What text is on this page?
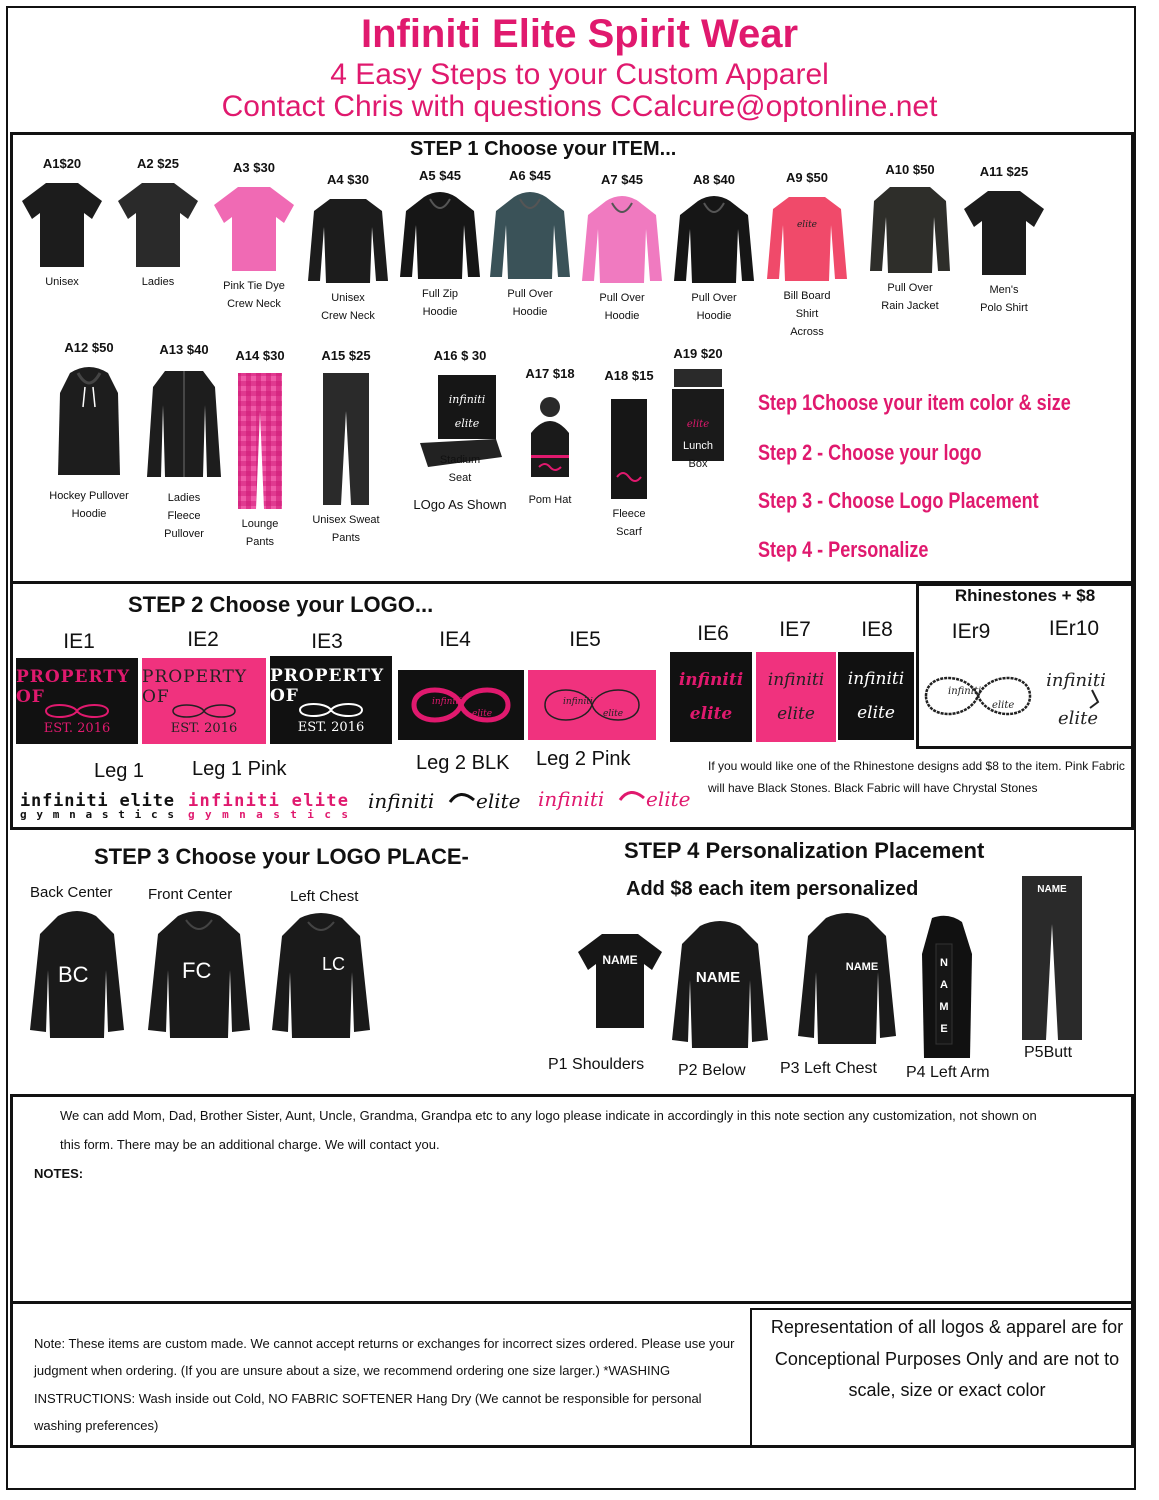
Infiniti Elite Spirit Wear
4 Easy Steps to your Custom Apparel
Contact Chris with questions CCalcure@optonline.net
STEP 1 Choose your ITEM...
A1$20
Unisex
A2 $25
Ladies
A3 $30
Pink Tie Dye
Crew Neck
A4 $30
Unisex
Crew Neck
A5 $45
Full Zip
Hoodie
A6 $45
Pull Over
Hoodie
A7 $45
Pull Over
Hoodie
A8 $40
Pull Over
Hoodie
A9 $50
elite
Bill Board
Shirt
Across
A10 $50
Pull Over
Rain Jacket
A11 $25
Men's
Polo Shirt
A12 $50
Hockey Pullover
Hoodie
A13 $40
Ladies
Fleece
Pullover
A14 $30
Lounge
Pants
A15 $25
Unisex Sweat
Pants
A16 $ 30
infiniti
elite
Stadium
Seat
LOgo As Shown
A17 $18
Pom Hat
A18 $15
Fleece
Scarf
A19 $20
elite
Lunch
Box
Step 1Choose your item color & size
Step 2 - Choose your logo
Step 3 - Choose Logo Placement
Step 4 - Personalize
STEP 2 Choose your LOGO...	Rhinestones + $8
IEr9	IEr10
infiniti
elite
infiniti
elite
IE1
PROPERTY OF
EST. 2016
IE2
PROPERTY OF
EST. 2016
IE3
PROPERTY OF
EST. 2016
IE4
infiniti
elite
IE5
infiniti
elite
IE6
infiniti
elite
IE7
infiniti
elite
IE8
infiniti
elite
Leg 1 Leg 1 Pink	Leg 2 BLK Leg 2 Pink
infiniti elite
gymnastics
infiniti elite
gymnastics
infiniti elite infiniti elite
If you would like one of the Rhinestone designs add $8 to the item. Pink Fabric will have Black Stones. Black Fabric will have Chrystal Stones
STEP 3 Choose your LOGO PLACE-
Back Center Front Center	Left Chest
BC	FC	LC
STEP 4 Personalization Placement
Add $8 each item personalized
NAME
NAME
NAME	N
A
M
E
NAME
P1 Shoulders P2 Below P3 Left Chest P4 Left Arm
P5Butt
We can add Mom, Dad, Brother Sister, Aunt, Uncle, Grandma, Grandpa etc to any logo please indicate in accordingly in this note section any customization, not shown on this form. There may be an additional charge. We will contact you.
NOTES:
Note: These items are custom made. We cannot accept returns or exchanges for incorrect sizes ordered. Please use your judgment when ordering. (If you are unsure about a size, we recommend ordering one size larger.) *WASHING INSTRUCTIONS: Wash inside out Cold, NO FABRIC SOFTENER Hang Dry (We cannot be responsible for personal washing preferences)
Representation of all logos & apparel are for Conceptional Purposes Only and are not to scale, size or exact color
